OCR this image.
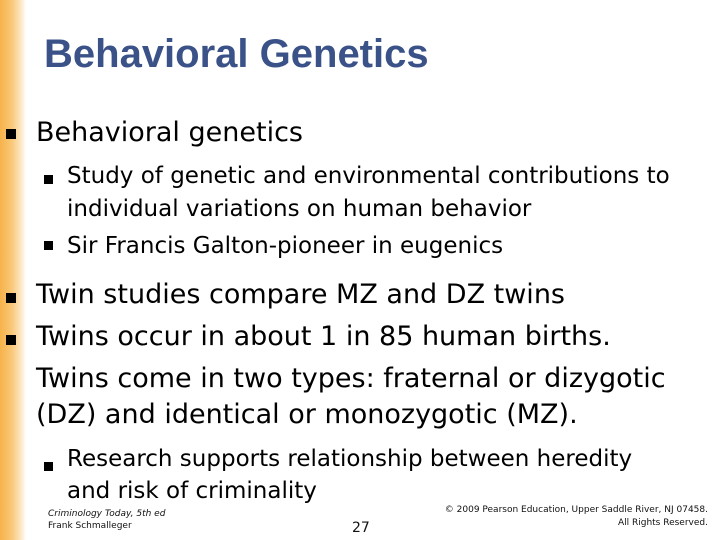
Behavioral Genetics
Behavioral genetics
Study of genetic and environmental contributions to
individual variations on human behavior
Sir Francis Galton-pioneer in eugenics
Twin studies compare MZ and DZ twins
Twins occur in about 1 in 85 human births.
Twins come in two types: fraternal or dizygotic
(DZ) and identical or monozygotic (MZ).
Research supports relationship between heredity
and risk of criminality
Criminology Today, 5th ed
Frank Schmalleger	27
© 2009 Pearson Education, Upper Saddle River, NJ 07458.
All Rights Reserved.
